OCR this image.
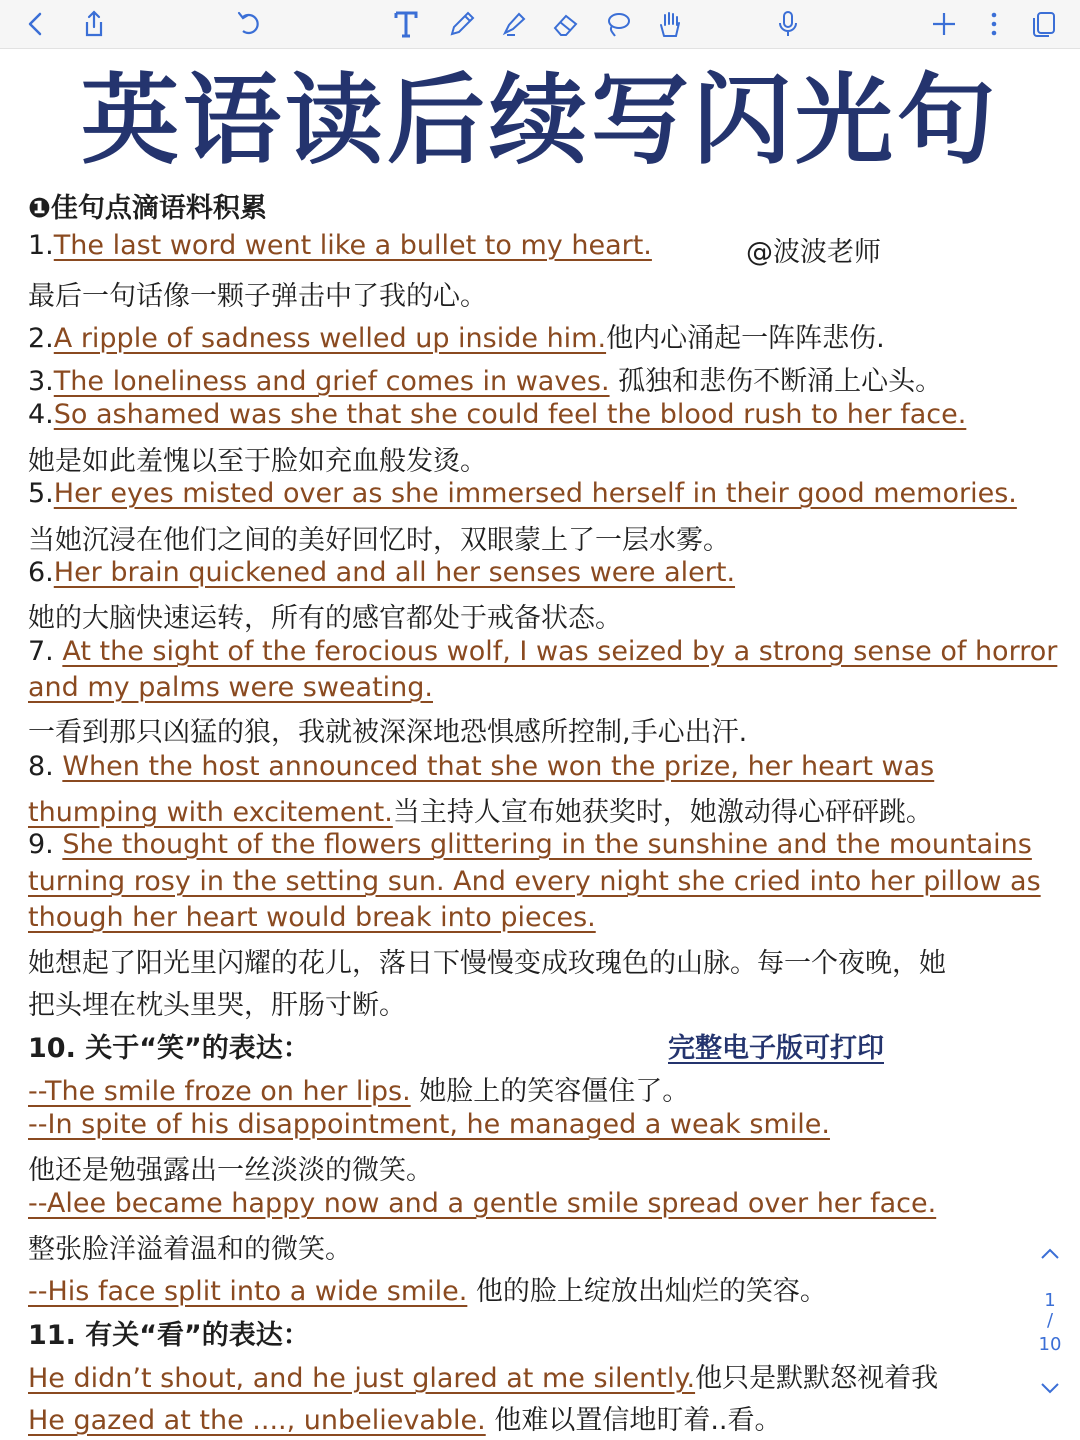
英语读后续写闪光句
❶佳句点滴语料积累
1.The last word went like a bullet to my heart.	@波波老师
最后一句话像一颗子弹击中了我的心。
2.A ripple of sadness welled up inside him.他内心涌起一阵阵悲伤.
3.The loneliness and grief comes in waves. 孤独和悲伤不断涌上心头。
4.So ashamed was she that she could feel the blood rush to her face.
她是如此羞愧以至于脸如充血般发烫。
5.Her eyes misted over as she immersed herself in their good memories.
当她沉浸在他们之间的美好回忆时，双眼蒙上了一层水雾。
6.Her brain quickened and all her senses were alert.
她的大脑快速运转，所有的感官都处于戒备状态。
7. At the sight of the ferocious wolf, I was seized by a strong sense of horror
and my palms were sweating.
一看到那只凶猛的狼，我就被深深地恐惧感所控制,手心出汗.
8. When the host announced that she won the prize, her heart was
thumping with excitement.当主持人宣布她获奖时，她激动得心砰砰跳。
9. She thought of the flowers glittering in the sunshine and the mountains
turning rosy in the setting sun. And every night she cried into her pillow as
though her heart would break into pieces.
她想起了阳光里闪耀的花儿，落日下慢慢变成玫瑰色的山脉。每一个夜晚，她
把头埋在枕头里哭，肝肠寸断。
10. 关于“笑”的表达：	完整电子版可打印
--The smile froze on her lips. 她脸上的笑容僵住了。
--In spite of his disappointment, he managed a weak smile.
他还是勉强露出一丝淡淡的微笑。
--Alee became happy now and a gentle smile spread over her face.
整张脸洋溢着温和的微笑。
--His face split into a wide smile. 他的脸上绽放出灿烂的笑容。
11. 有关“看”的表达：
He didn’t shout, and he just glared at me silently.他只是默默怒视着我
He gazed at the ...., unbelievable. 他难以置信地盯着..看。
1
/
10
